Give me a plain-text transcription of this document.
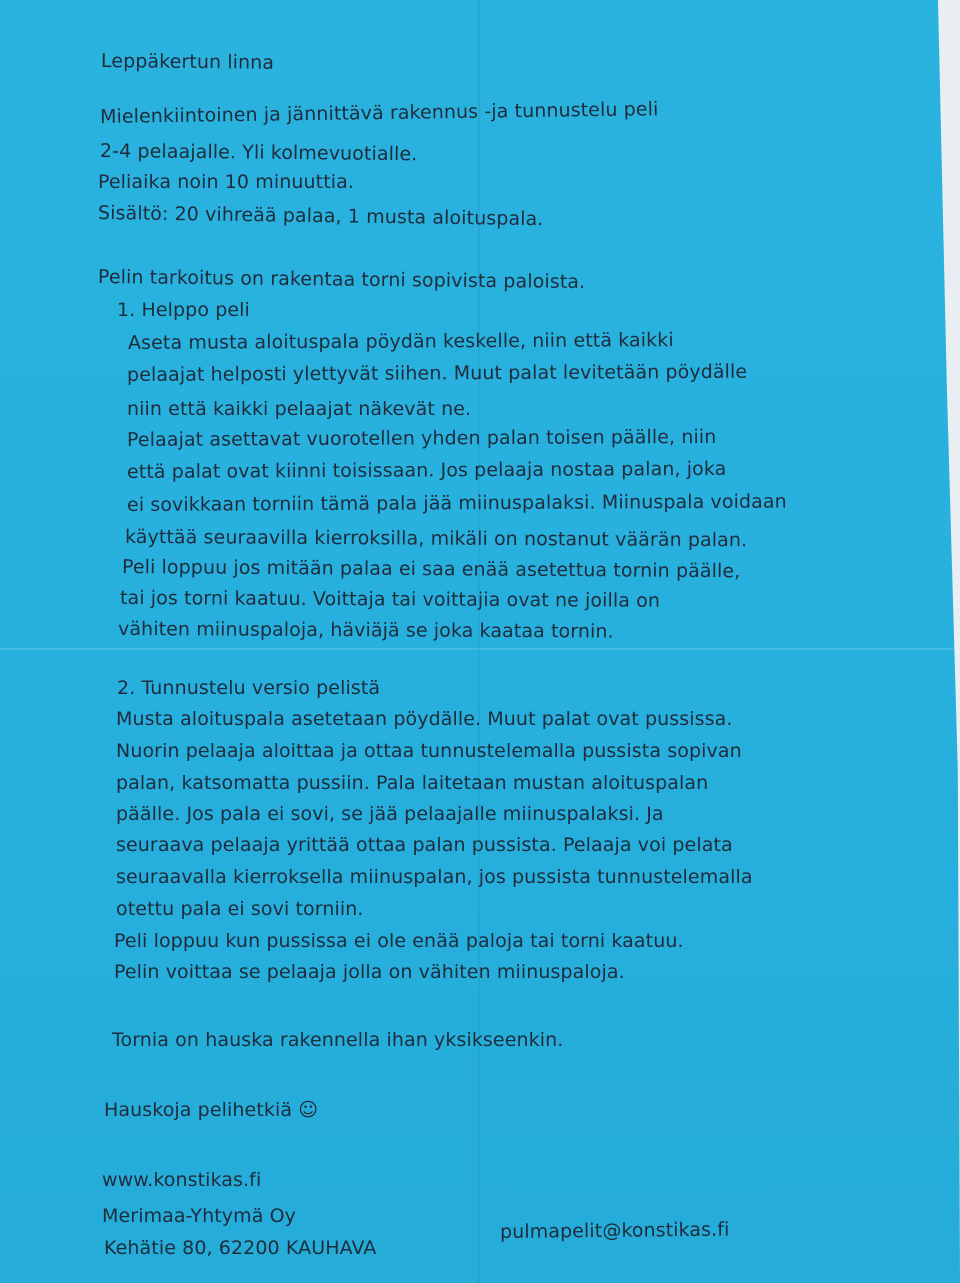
Leppäkertun linna
Mielenkiintoinen ja jännittävä rakennus -ja tunnustelu peli
2-4 pelaajalle. Yli kolmevuotialle.
Peliaika noin 10 minuuttia.
Sisältö: 20 vihreää palaa, 1 musta aloituspala.
Pelin tarkoitus on rakentaa torni sopivista paloista.
1. Helppo peli
Aseta musta aloituspala pöydän keskelle, niin että kaikki
pelaajat helposti ylettyvät siihen. Muut palat levitetään pöydälle
niin että kaikki pelaajat näkevät ne.
Pelaajat asettavat vuorotellen yhden palan toisen päälle, niin
että palat ovat kiinni toisissaan. Jos pelaaja nostaa palan, joka
ei sovikkaan torniin tämä pala jää miinuspalaksi. Miinuspala voidaan
käyttää seuraavilla kierroksilla, mikäli on nostanut väärän palan.
Peli loppuu jos mitään palaa ei saa enää asetettua tornin päälle,
tai jos torni kaatuu. Voittaja tai voittajia ovat ne joilla on
vähiten miinuspaloja, häviäjä se joka kaataa tornin.
2. Tunnustelu versio pelistä
Musta aloituspala asetetaan pöydälle. Muut palat ovat pussissa.
Nuorin pelaaja aloittaa ja ottaa tunnustelemalla pussista sopivan
palan, katsomatta pussiin. Pala laitetaan mustan aloituspalan
päälle. Jos pala ei sovi, se jää pelaajalle miinuspalaksi. Ja
seuraava pelaaja yrittää ottaa palan pussista. Pelaaja voi pelata
seuraavalla kierroksella miinuspalan, jos pussista tunnustelemalla
otettu pala ei sovi torniin.
Peli loppuu kun pussissa ei ole enää paloja tai torni kaatuu.
Pelin voittaa se pelaaja jolla on vähiten miinuspaloja.
Tornia on hauska rakennella ihan yksikseenkin.
Hauskoja pelihetkiä ☺
www.konstikas.fi
Merimaa-Yhtymä Oy
Kehätie 80, 62200 KAUHAVA
pulmapelit@konstikas.fi
